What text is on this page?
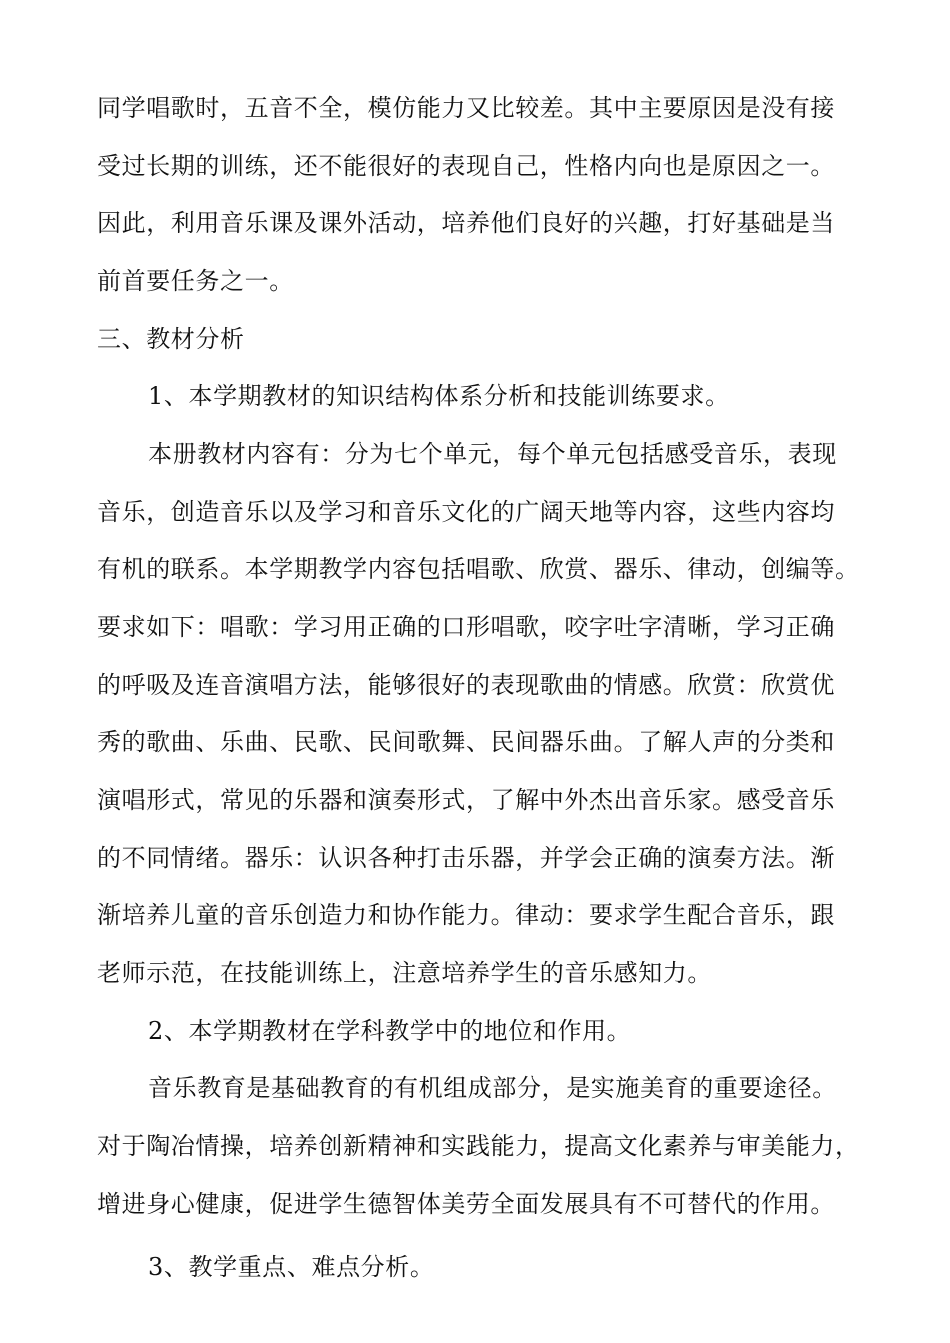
同学唱歌时，五音不全，模仿能力又比较差。其中主要原因是没有接
受过长期的训练，还不能很好的表现自己，性格内向也是原因之一。
因此，利用音乐课及课外活动，培养他们良好的兴趣，打好基础是当
前首要任务之一。
三、教材分析
1、本学期教材的知识结构体系分析和技能训练要求。
本册教材内容有：分为七个单元，每个单元包括感受音乐，表现
音乐，创造音乐以及学习和音乐文化的广阔天地等内容，这些内容均
有机的联系。本学期教学内容包括唱歌、欣赏、器乐、律动，创编等。
要求如下：唱歌：学习用正确的口形唱歌，咬字吐字清晰，学习正确
的呼吸及连音演唱方法，能够很好的表现歌曲的情感。欣赏：欣赏优
秀的歌曲、乐曲、民歌、民间歌舞、民间器乐曲。了解人声的分类和
演唱形式，常见的乐器和演奏形式，了解中外杰出音乐家。感受音乐
的不同情绪。器乐：认识各种打击乐器，并学会正确的演奏方法。渐
渐培养儿童的音乐创造力和协作能力。律动：要求学生配合音乐，跟
老师示范，在技能训练上，注意培养学生的音乐感知力。
2、本学期教材在学科教学中的地位和作用。
音乐教育是基础教育的有机组成部分，是实施美育的重要途径。
对于陶冶情操，培养创新精神和实践能力，提高文化素养与审美能力，
增进身心健康，促进学生德智体美劳全面发展具有不可替代的作用。
3、教学重点、难点分析。
